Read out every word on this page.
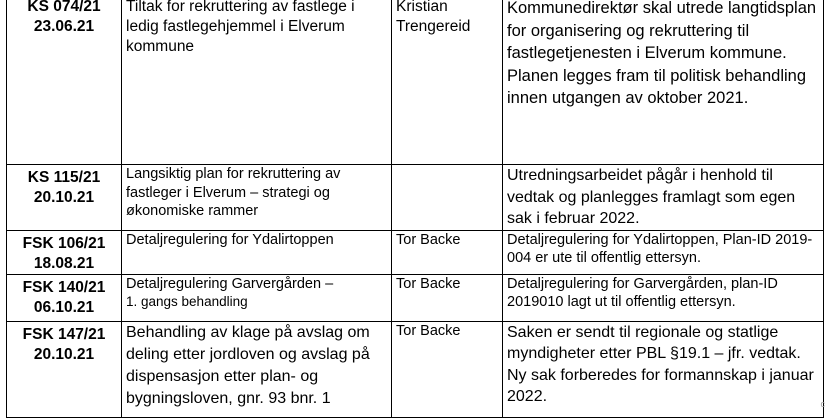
KS 074/21
23.06.21	Tiltak for rekruttering av fastlege i ledig fastlegehjemmel i Elverum kommune	Kristian Trengereid	Kommunedirektør skal utrede langtidsplan for organisering og rekruttering til fastlegetjenesten i Elverum kommune. Planen legges fram til politisk behandling innen utgangen av oktober 2021.

KS 115/21
20.10.21	Langsiktig plan for rekruttering av fastleger i Elverum – strategi og økonomiske rammer		Utredningsarbeidet pågår i henhold til vedtak og planlegges framlagt som egen sak i februar 2022.

FSK 106/21
18.08.21	Detaljregulering for Ydalirtoppen	Tor Backe	Detaljregulering for Ydalirtoppen, Plan-ID 2019-004 er ute til offentlig ettersyn.

FSK 140/21
06.10.21	Detaljregulering Garvergården –
1. gangs behandling	Tor Backe	Detaljregulering for Garvergården, plan-ID 2019010 lagt ut til offentlig ettersyn.

FSK 147/21
20.10.21	Behandling av klage på avslag om deling etter jordloven og avslag på dispensasjon etter plan- og bygningsloven, gnr. 93 bnr. 1	Tor Backe	Saken er sendt til regionale og statlige myndigheter etter PBL §19.1 – jfr. vedtak. Ny sak forberedes for formannskap i januar 2022.	c
